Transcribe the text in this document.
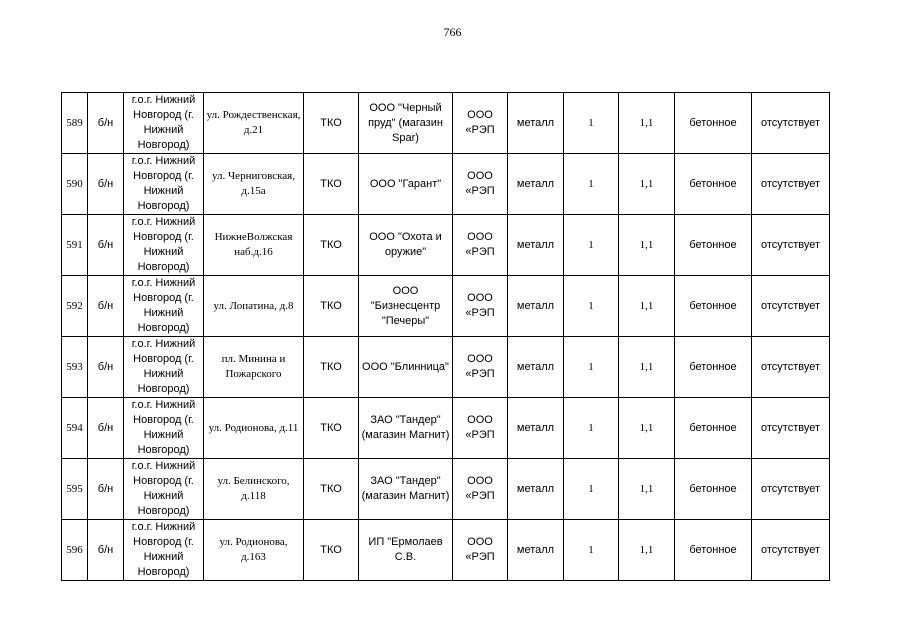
766
589	б/н	г.о.г. Нижний Новгород (г. Нижний Новгород)	ул. Рождественская, д.21	ТКО	ООО "Черный пруд" (магазин Spar)	ООО «РЭП	металл	1	1,1	бетонное	отсутствует
590	б/н	г.о.г. Нижний Новгород (г. Нижний Новгород)	ул. Черниговская, д.15а	ТКО	ООО "Гарант"	ООО «РЭП	металл	1	1,1	бетонное	отсутствует
591	б/н	г.о.г. Нижний Новгород (г. Нижний Новгород)	НижнеВолжская наб.д.16	ТКО	ООО "Охота и оружие"	ООО «РЭП	металл	1	1,1	бетонное	отсутствует
592	б/н	г.о.г. Нижний Новгород (г. Нижний Новгород)	ул. Лопатина, д.8	ТКО	ООО "Бизнесцентр "Печеры"	ООО «РЭП	металл	1	1,1	бетонное	отсутствует
593	б/н	г.о.г. Нижний Новгород (г. Нижний Новгород)	пл. Минина и Пожарского	ТКО	ООО "Блинница"	ООО «РЭП	металл	1	1,1	бетонное	отсутствует
594	б/н	г.о.г. Нижний Новгород (г. Нижний Новгород)	ул. Родионова, д.11	ТКО	ЗАО "Тандер" (магазин Магнит)	ООО «РЭП	металл	1	1,1	бетонное	отсутствует
595	б/н	г.о.г. Нижний Новгород (г. Нижний Новгород)	ул. Белинского, д.118	ТКО	ЗАО "Тандер" (магазин Магнит)	ООО «РЭП	металл	1	1,1	бетонное	отсутствует
596	б/н	г.о.г. Нижний Новгород (г. Нижний Новгород)	ул. Родионова, д.163	ТКО	ИП "Ермолаев С.В.	ООО «РЭП	металл	1	1,1	бетонное	отсутствует
